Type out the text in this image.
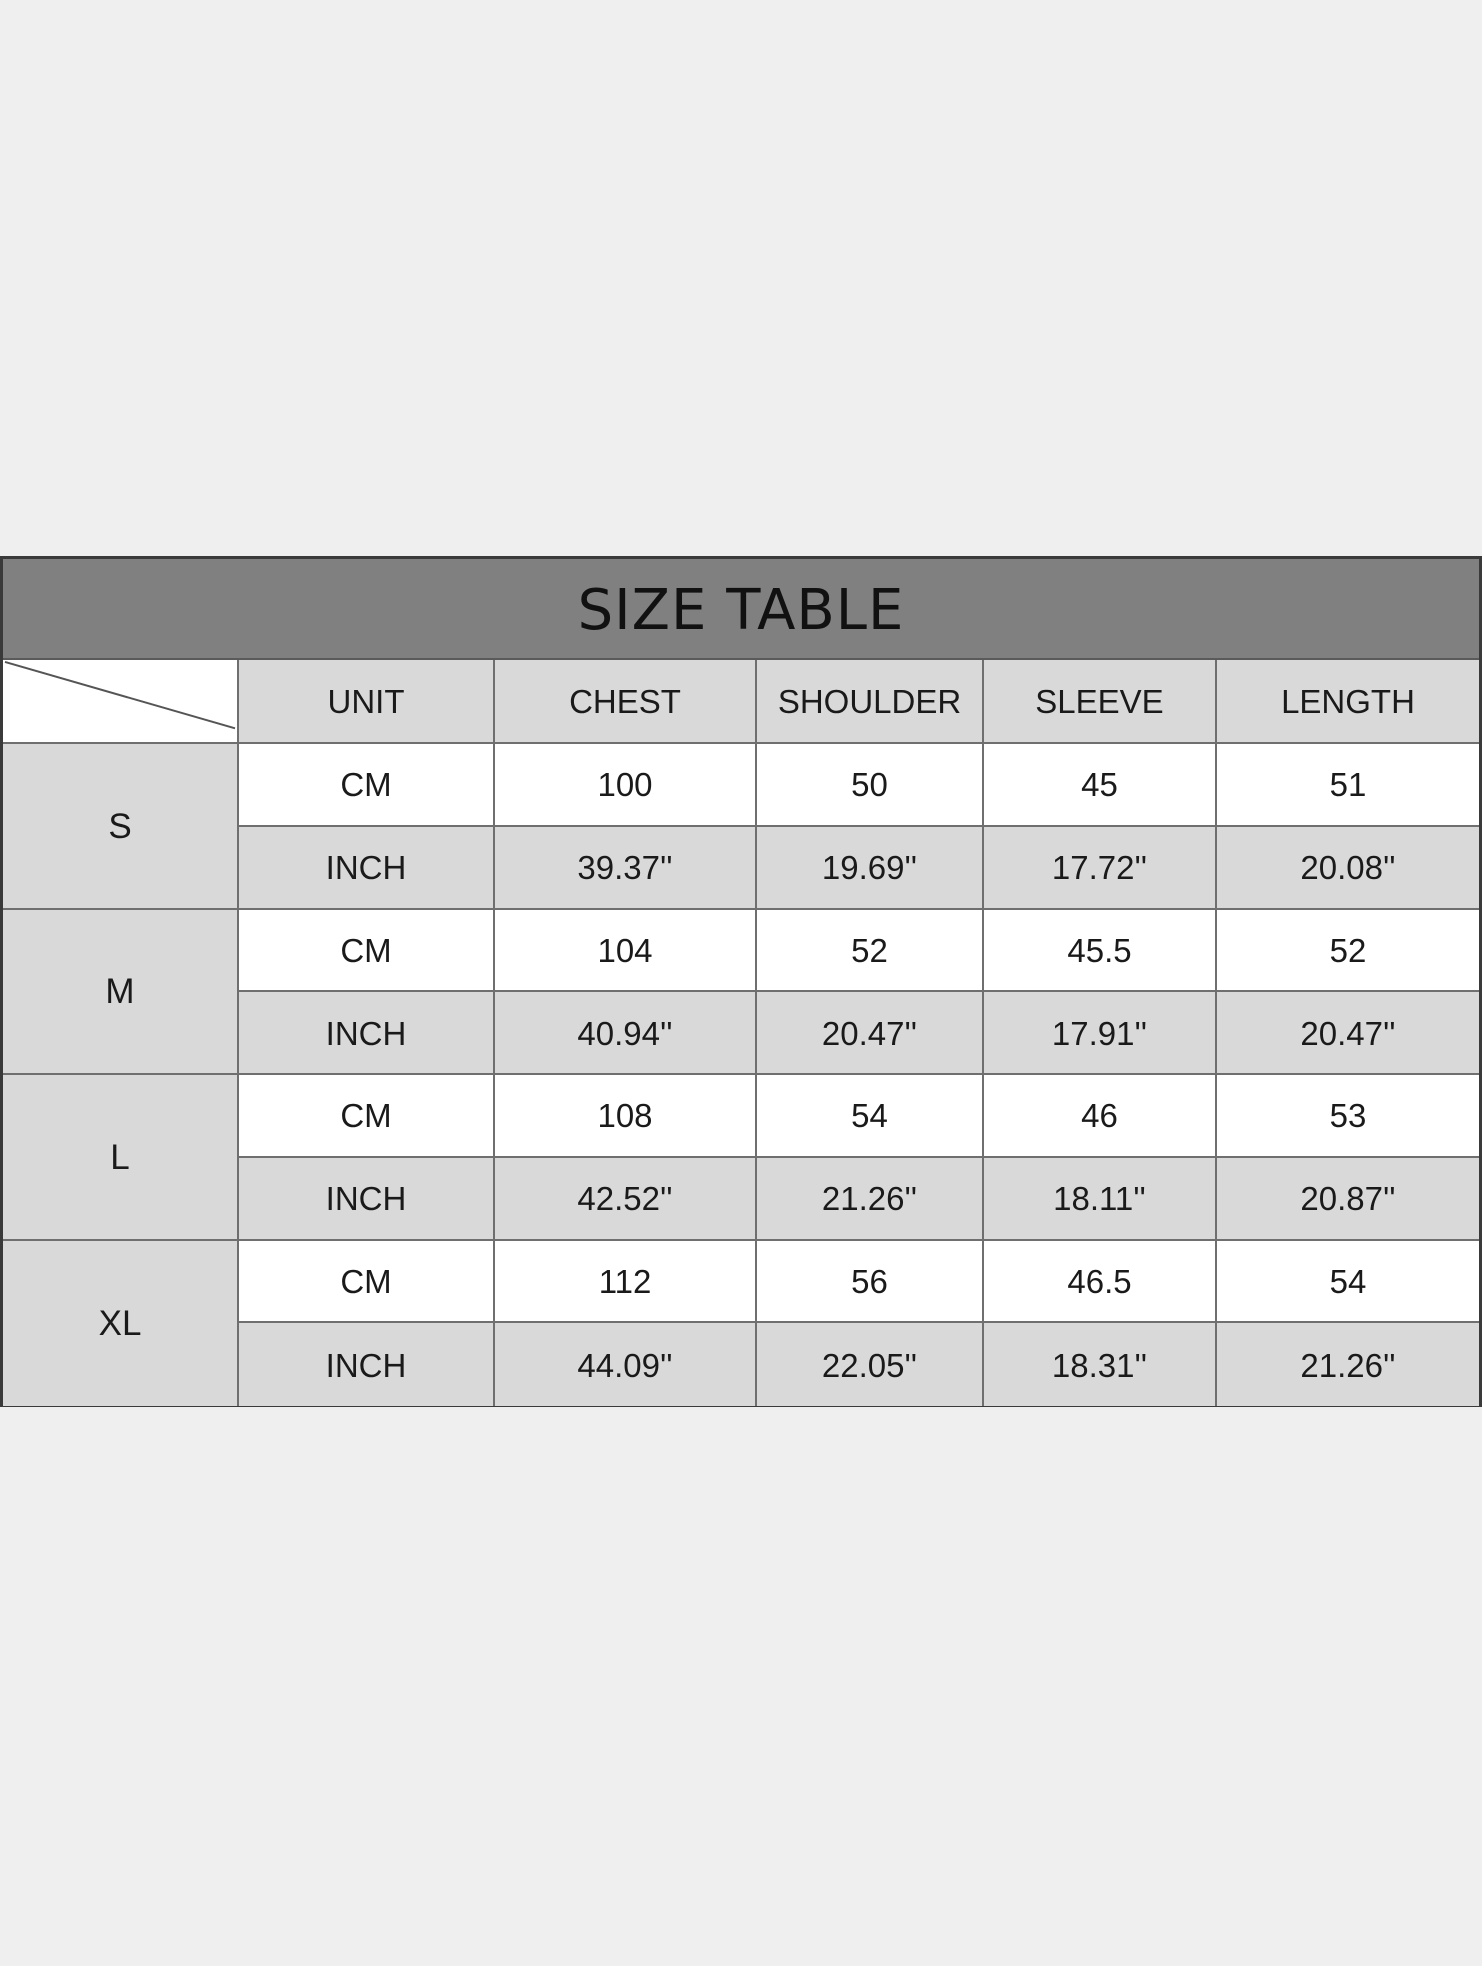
SIZE TABLE
UNIT	CHEST	SHOULDER	SLEEVE	LENGTH
S
CM	100	50	45	51
INCH	39.37''	19.69''	17.72''	20.08''
M
CM	104	52	45.5	52
INCH	40.94''	20.47''	17.91''	20.47''
L
CM	108	54	46	53
INCH	42.52''	21.26''	18.11''	20.87''
XL
CM	112	56	46.5	54
INCH	44.09''	22.05''	18.31''	21.26''
